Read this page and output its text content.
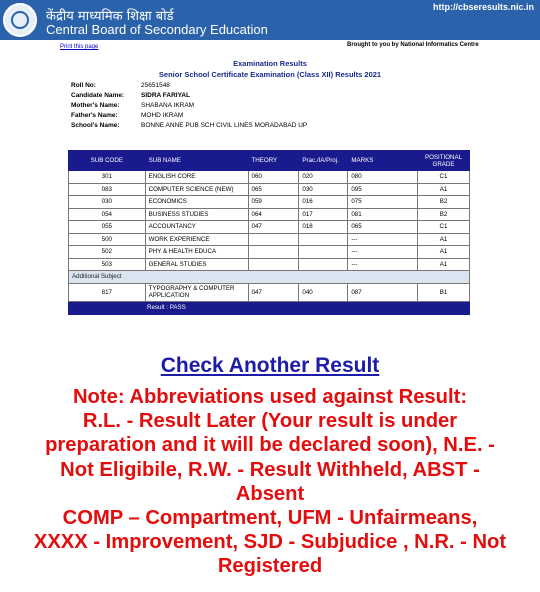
केंद्रीय माध्यमिक शिक्षा बोर्ड
Central Board of Secondary Education
http://cbseresults.nic.in
Print this page	Brought to you by National Informatics Centre
Examination Results
Senior School Certificate Examination (Class XII) Results 2021
Roll No:	25651548
Candidate Name:	SIDRA FARIYAL
Mother's Name:	SHABANA IKRAM
Father's Name:	MOHD IKRAM
School's Name:	BONNE ANNE PUB SCH CIVIL LINES MORADABAD UP
SUB CODE	SUB NAME	THEORY	Prac./IA/Proj.	MARKS	POSITIONAL GRADE
301	ENGLISH CORE	060	020	080	C1
083	COMPUTER SCIENCE (NEW)	065	030	095	A1
030	ECONOMICS	059	016	075	B2
054	BUSINESS STUDIES	064	017	081	B2
055	ACCOUNTANCY	047	018	065	C1
500	WORK EXPERIENCE			---	A1
502	PHY & HEALTH EDUCA			---	A1
503	GENERAL STUDIES			---	A1
Additional Subject					
817	TYPOGRAPHY & COMPUTER APPLICATION	047	040	087	B1
Result : PASS					
Check Another Result
Note: Abbreviations used against Result:
R.L. - Result Later (Your result is under
preparation and it will be declared soon), N.E. -
Not Eligibile, R.W. - Result Withheld, ABST -
Absent
COMP – Compartment, UFM - Unfairmeans,
XXXX - Improvement, SJD - Subjudice , N.R. - Not
Registered
